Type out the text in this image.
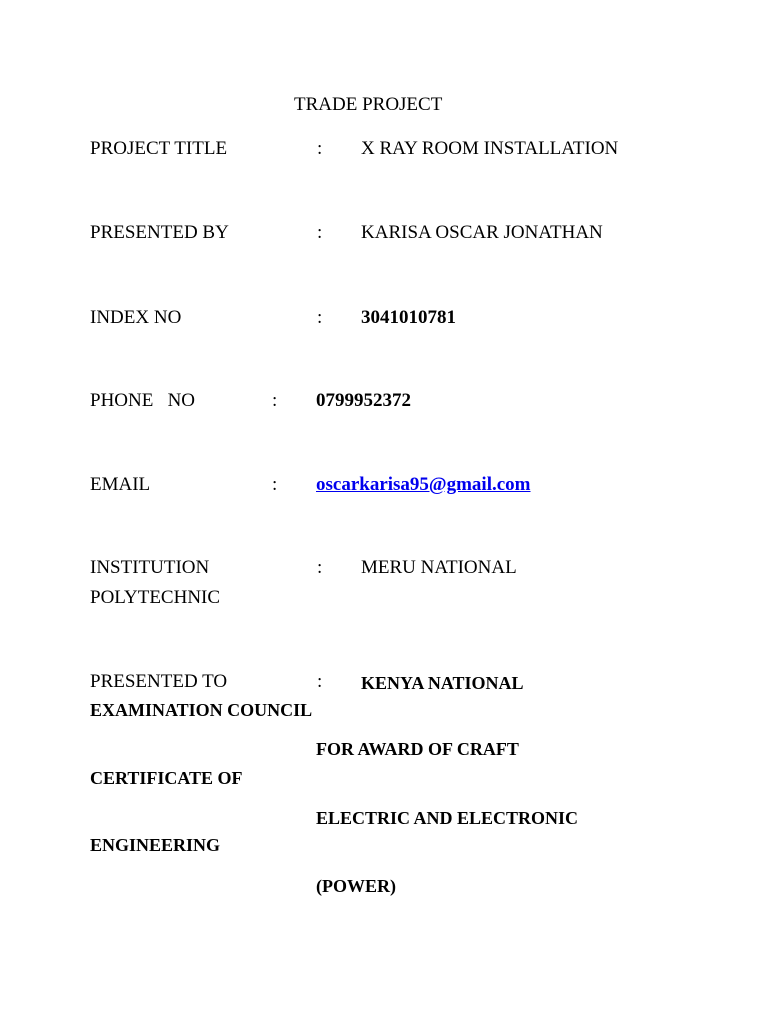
TRADE PROJECT
PROJECT TITLE	: X RAY ROOM INSTALLATION
PRESENTED BY	: KARISA OSCAR JONATHAN
INDEX NO	: 3041010781
PHONE   NO	: 0799952372
EMAIL	: oscarkarisa95@gmail.com
INSTITUTION	: MERU NATIONAL
POLYTECHNIC
PRESENTED TO	: KENYA NATIONAL
EXAMINATION COUNCIL
FOR AWARD OF CRAFT
CERTIFICATE OF
ELECTRIC AND ELECTRONIC
ENGINEERING
(POWER)
